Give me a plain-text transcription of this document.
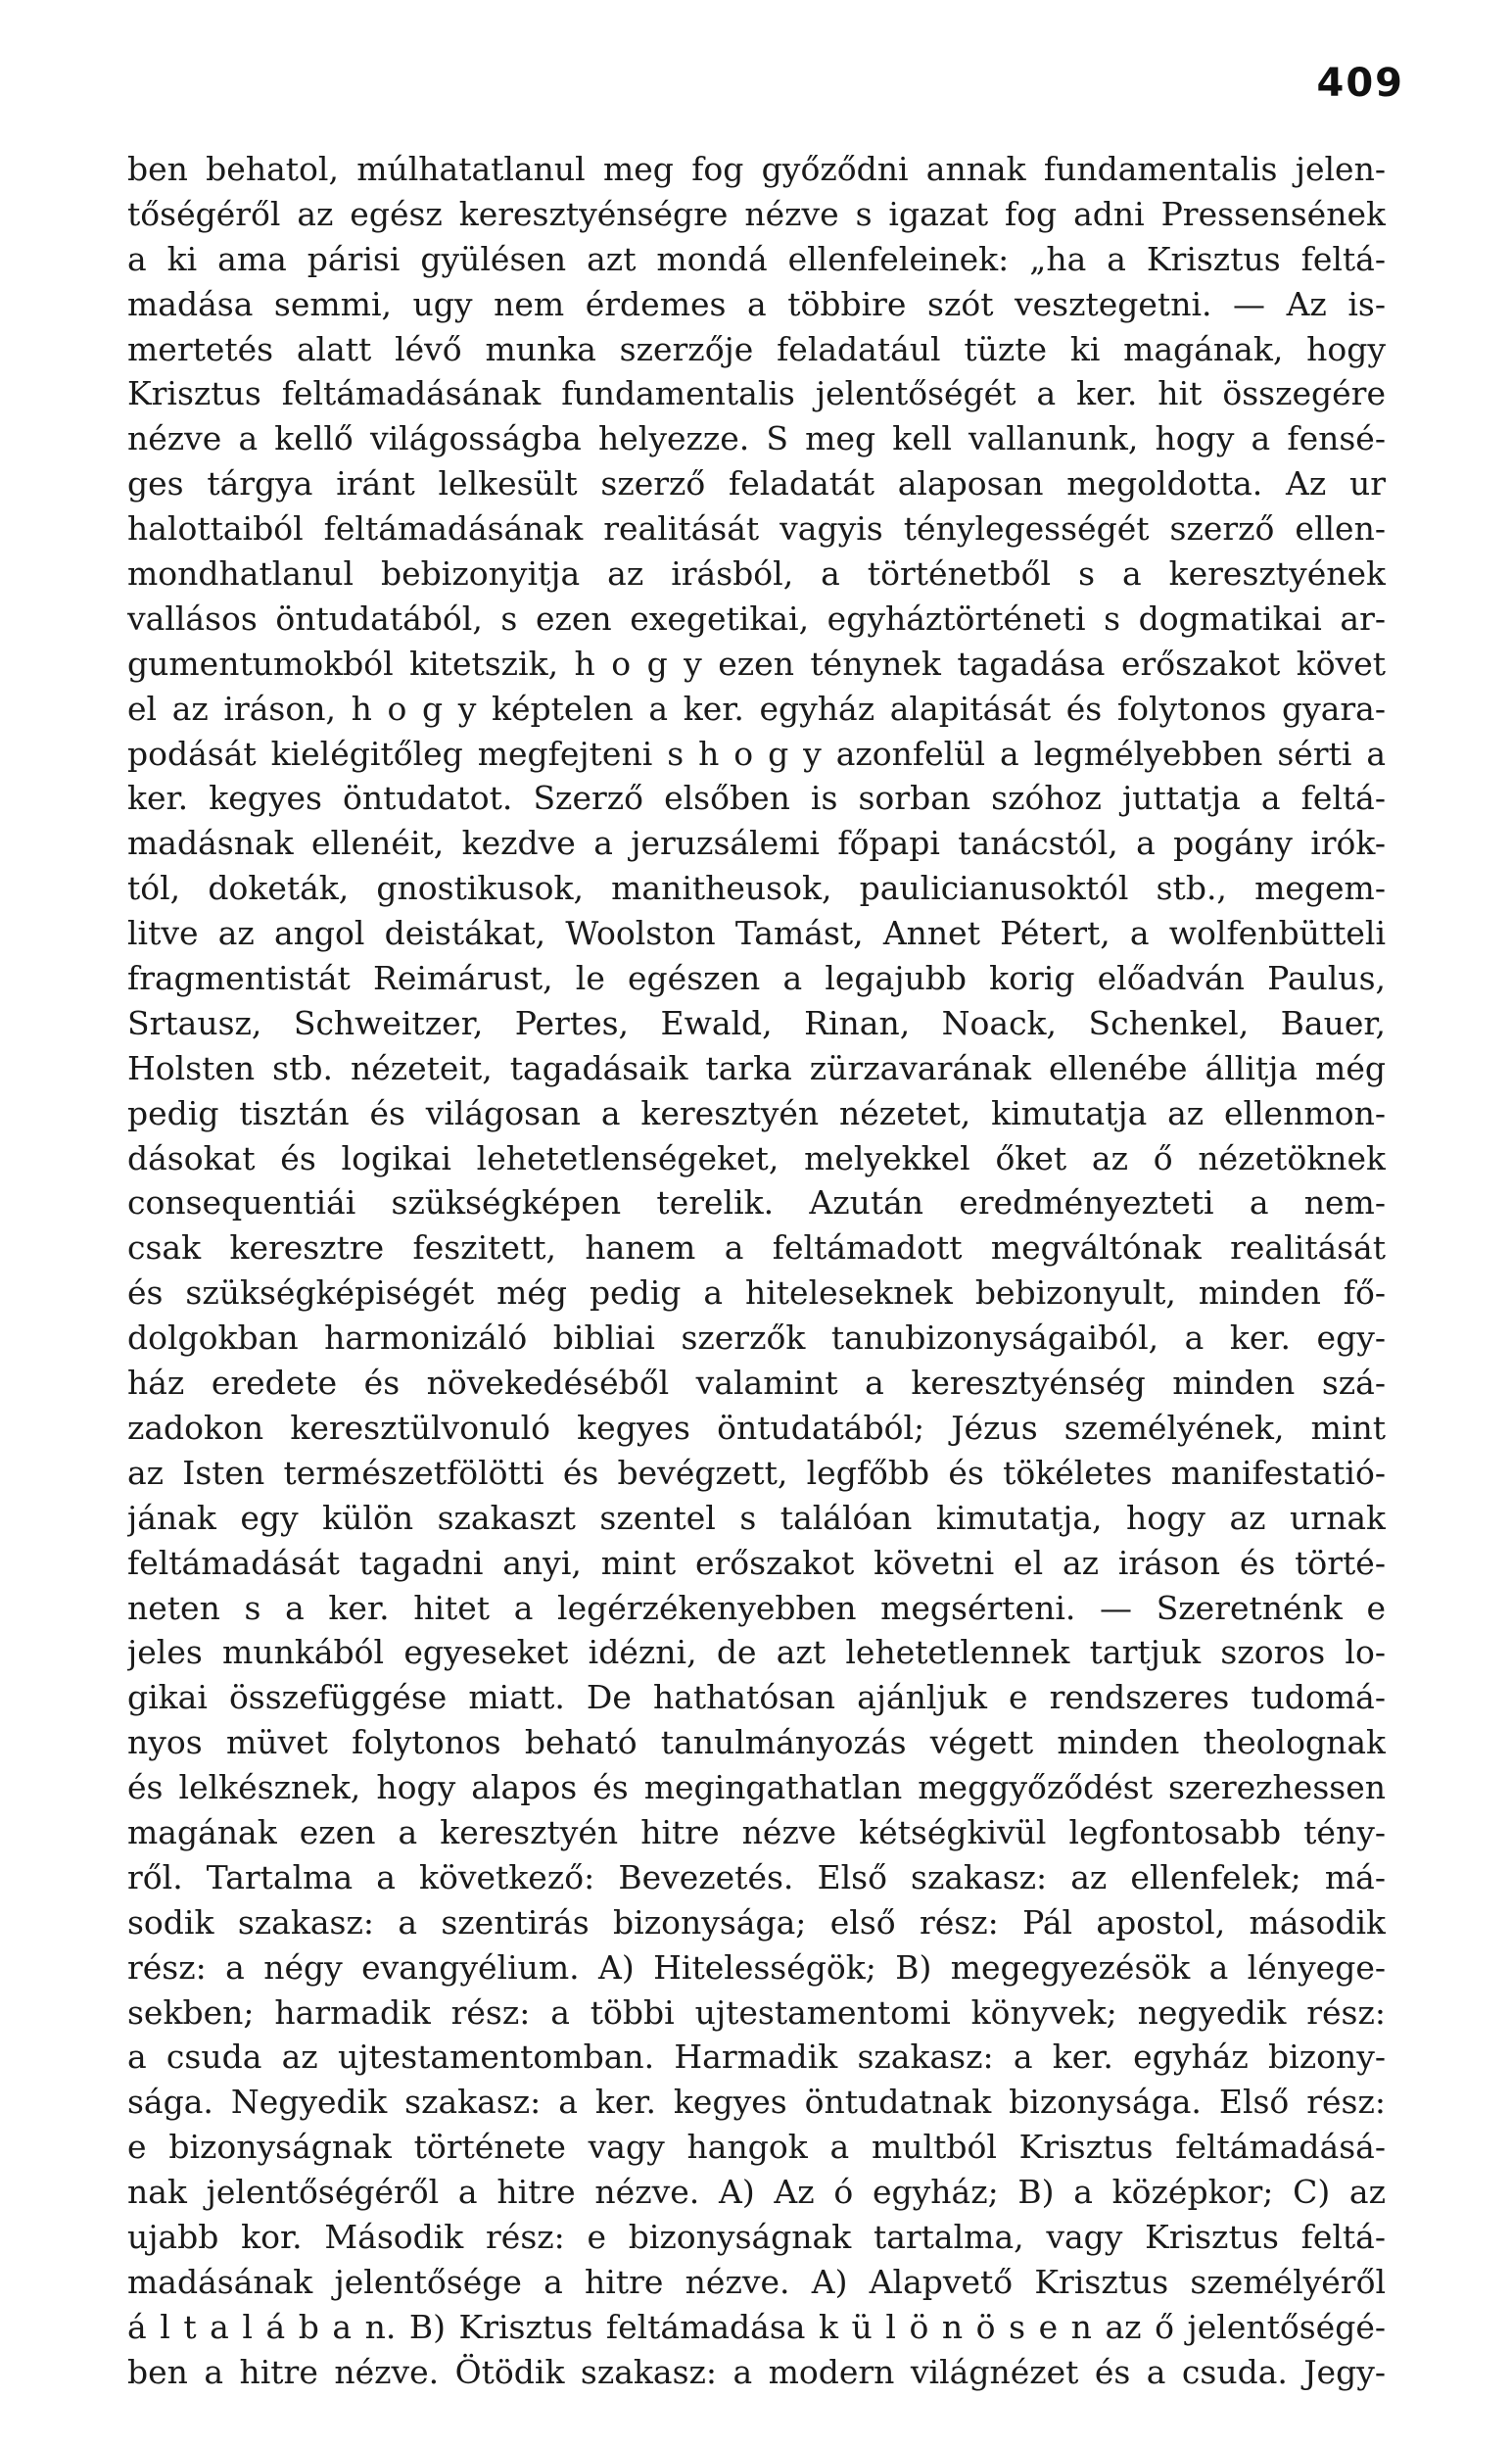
409
ben behatol, múlhatatlanul meg fog győződni annak fundamentalis jelen-
tőségéről az egész keresztyénségre nézve s igazat fog adni Pressensének
a ki ama párisi gyülésen azt mondá ellenfeleinek: „ha a Krisztus feltá-
madása semmi, ugy nem érdemes a többire szót vesztegetni. — Az is-
mertetés alatt lévő munka szerzője feladatául tüzte ki magának, hogy
Krisztus feltámadásának fundamentalis jelentőségét a ker. hit összegére
nézve a kellő világosságba helyezze. S meg kell vallanunk, hogy a fensé-
ges tárgya iránt lelkesült szerző feladatát alaposan megoldotta. Az ur
halottaiból feltámadásának realitását vagyis ténylegességét szerző ellen-
mondhatlanul bebizonyitja az irásból, a történetből s a keresztyének
vallásos öntudatából, s ezen exegetikai, egyháztörténeti s dogmatikai ar-
gumentumokból kitetszik, h o g y ezen ténynek tagadása erőszakot követ
el az iráson, h o g y képtelen a ker. egyház alapitását és folytonos gyara-
podását kielégitőleg megfejteni s h o g y azonfelül a legmélyebben sérti a
ker. kegyes öntudatot. Szerző elsőben is sorban szóhoz juttatja a feltá-
madásnak ellenéit, kezdve a jeruzsálemi főpapi tanácstól, a pogány irók-
tól, doketák, gnostikusok, manitheusok, paulicianusoktól stb., megem-
litve az angol deistákat, Woolston Tamást, Annet Pétert, a wolfenbütteli
fragmentistát Reimárust, le egészen a legajubb korig előadván Paulus,
Srtausz, Schweitzer, Pertes, Ewald, Rinan, Noack, Schenkel, Bauer,
Holsten stb. nézeteit, tagadásaik tarka zürzavarának ellenébe állitja még
pedig tisztán és világosan a keresztyén nézetet, kimutatja az ellenmon-
dásokat és logikai lehetetlenségeket, melyekkel őket az ő nézetöknek
consequentiái szükségképen terelik. Azután eredményezteti a nem-
csak keresztre feszitett, hanem a feltámadott megváltónak realitását
és szükségképiségét még pedig a hiteleseknek bebizonyult, minden fő-
dolgokban harmonizáló bibliai szerzők tanubizonyságaiból, a ker. egy-
ház eredete és növekedéséből valamint a keresztyénség minden szá-
zadokon keresztülvonuló kegyes öntudatából; Jézus személyének, mint
az Isten természetfölötti és bevégzett, legfőbb és tökéletes manifestatió-
jának egy külön szakaszt szentel s találóan kimutatja, hogy az urnak
feltámadását tagadni anyi, mint erőszakot követni el az iráson és törté-
neten s a ker. hitet a legérzékenyebben megsérteni. — Szeretnénk e
jeles munkából egyeseket idézni, de azt lehetetlennek tartjuk szoros lo-
gikai összefüggése miatt. De hathatósan ajánljuk e rendszeres tudomá-
nyos müvet folytonos beható tanulmányozás végett minden theolognak
és lelkésznek, hogy alapos és megingathatlan meggyőződést szerezhessen
magának ezen a keresztyén hitre nézve kétségkivül legfontosabb tény-
ről. Tartalma a következő: Bevezetés. Első szakasz: az ellenfelek; má-
sodik szakasz: a szentirás bizonysága; első rész: Pál apostol, második
rész: a négy evangyélium. A) Hitelességök; B) megegyezésök a lényege-
sekben; harmadik rész: a többi ujtestamentomi könyvek; negyedik rész:
a csuda az ujtestamentomban. Harmadik szakasz: a ker. egyház bizony-
sága. Negyedik szakasz: a ker. kegyes öntudatnak bizonysága. Első rész:
e bizonyságnak története vagy hangok a multból Krisztus feltámadásá-
nak jelentőségéről a hitre nézve. A) Az ó egyház; B) a középkor; C) az
ujabb kor. Második rész: e bizonyságnak tartalma, vagy Krisztus feltá-
madásának jelentősége a hitre nézve. A) Alapvető Krisztus személyéről
á l t a l á b a n. B) Krisztus feltámadása k ü l ö n ö s e n az ő jelentőségé-
ben a hitre nézve. Ötödik szakasz: a modern világnézet és a csuda. Jegy-
